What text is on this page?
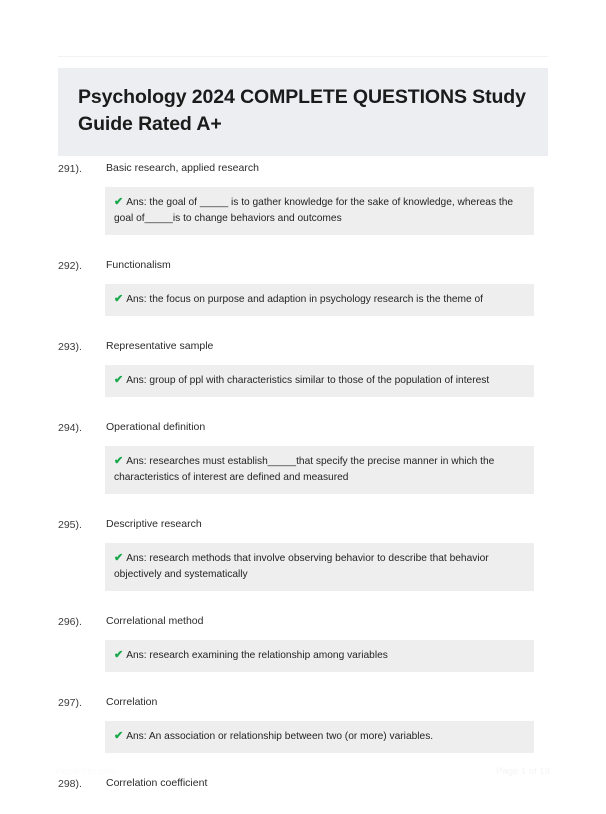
Psychology 2024 COMPLETE QUESTIONS Study Guide Rated A+
291).	Basic research, applied research

✔ Ans: the goal of _____ is to gather knowledge for the sake of knowledge, whereas the goal of_____is to change behaviors and outcomes

292).	Functionalism

✔ Ans: the focus on purpose and adaption in psychology research is the theme of

293).	Representative sample

✔ Ans: group of ppl with characteristics similar to those of the population of interest

294).	Operational definition

✔ Ans: researches must establish_____that specify the precise manner in which the characteristics of interest are defined and measured

295).	Descriptive research

✔ Ans: research methods that involve observing behavior to describe that behavior objectively and systematically

296).	Correlational method

✔ Ans: research examining the relationship among variables

297).	Correlation

✔ Ans: An association or relationship between two (or more) variables.

298).	Correlation coefficient
PaperStic.com	Page 1 of 19
